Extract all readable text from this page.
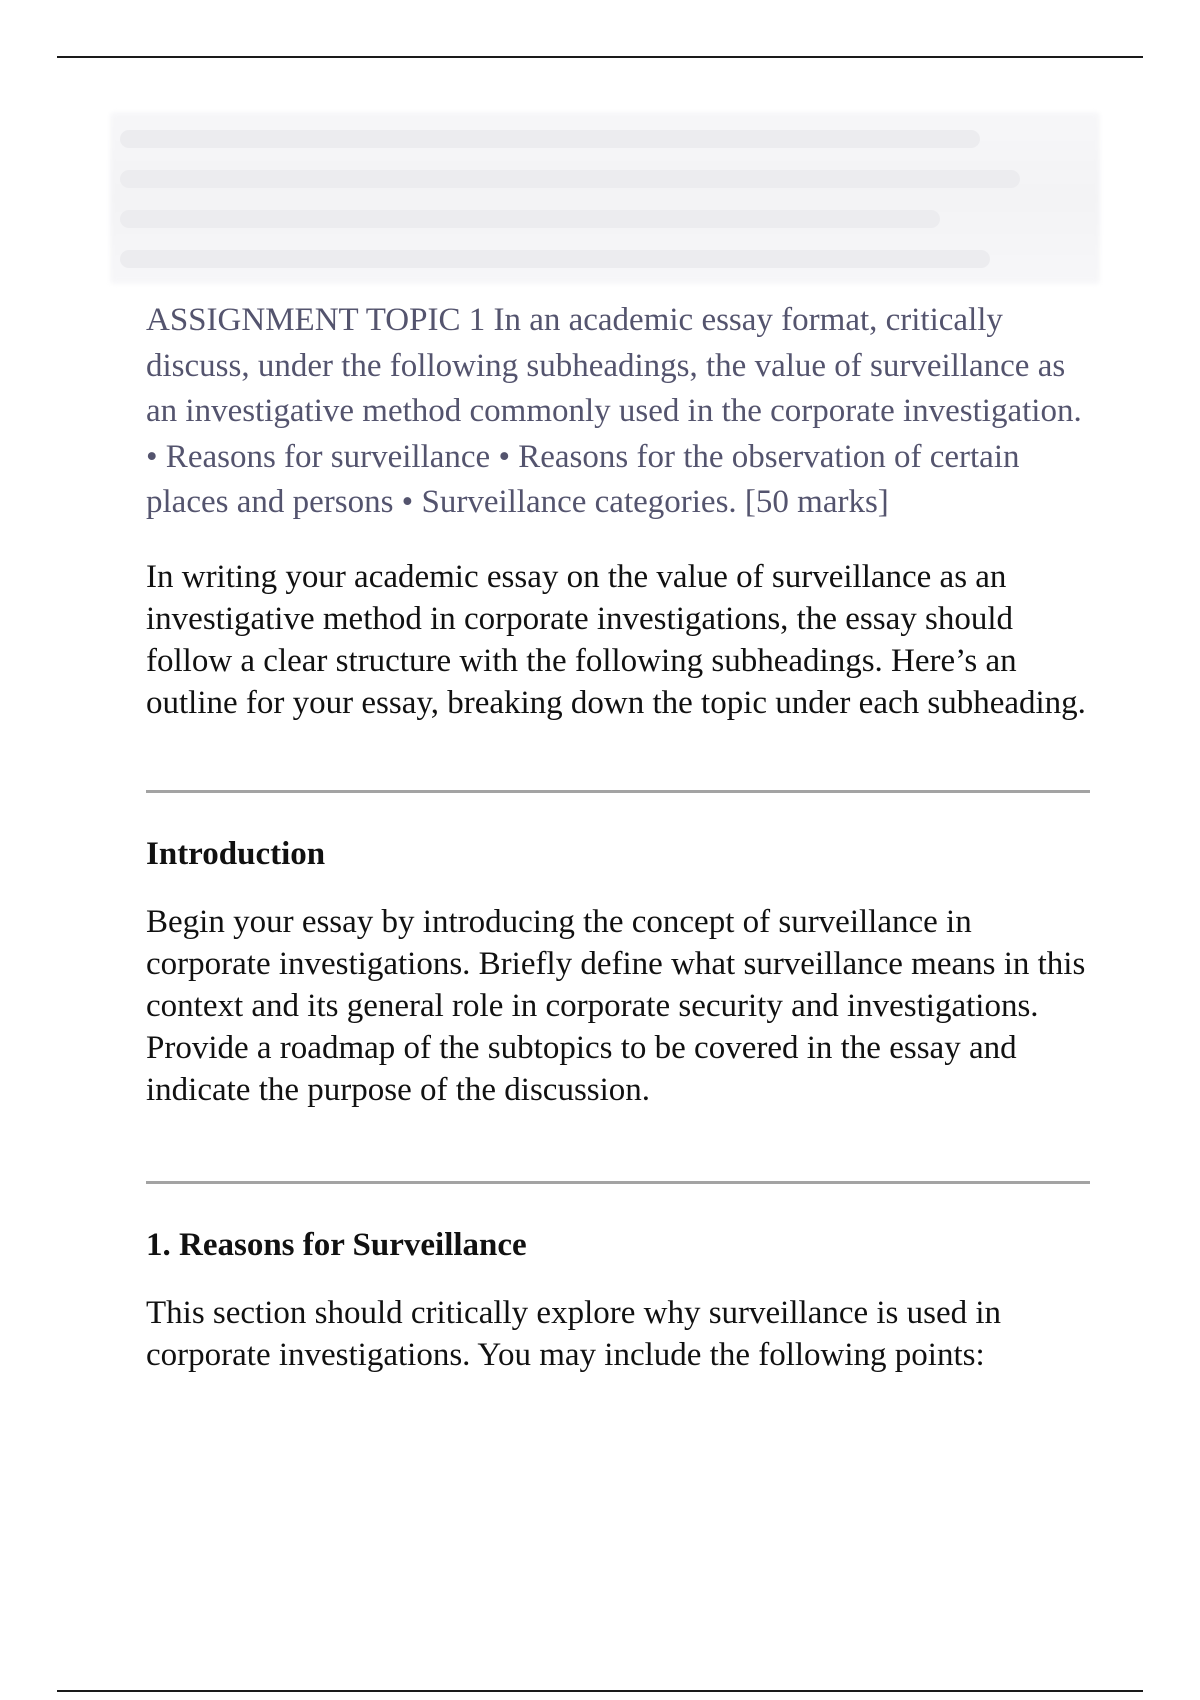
ASSIGNMENT TOPIC 1 In an academic essay format, critically discuss, under the following subheadings, the value of surveillance as an investigative method commonly used in the corporate investigation. • Reasons for surveillance • Reasons for the observation of certain places and persons • Surveillance categories. [50 marks]

In writing your academic essay on the value of surveillance as an investigative method in corporate investigations, the essay should follow a clear structure with the following subheadings. Here’s an outline for your essay, breaking down the topic under each subheading.

Introduction

Begin your essay by introducing the concept of surveillance in corporate investigations. Briefly define what surveillance means in this context and its general role in corporate security and investigations. Provide a roadmap of the subtopics to be covered in the essay and indicate the purpose of the discussion.

1. Reasons for Surveillance

This section should critically explore why surveillance is used in corporate investigations. You may include the following points:
